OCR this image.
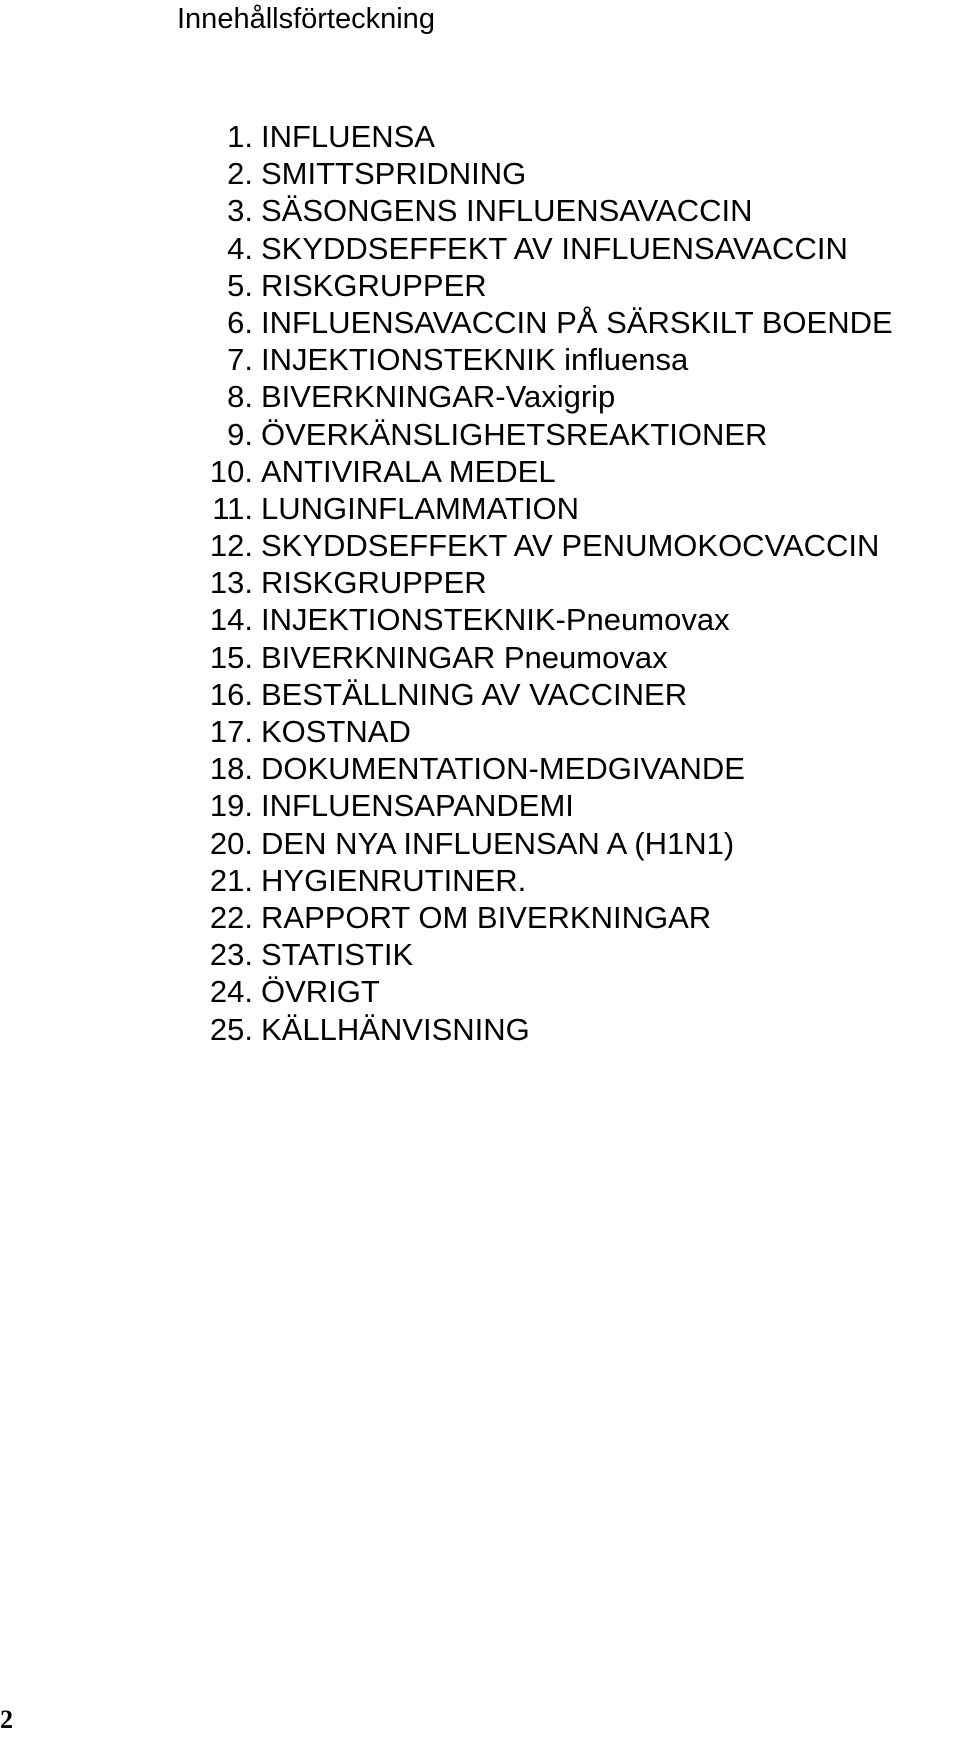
Innehållsförteckning
1. INFLUENSA
2. SMITTSPRIDNING
3. SÄSONGENS INFLUENSAVACCIN
4. SKYDDSEFFEKT AV INFLUENSAVACCIN
5. RISKGRUPPER
6. INFLUENSAVACCIN PÅ SÄRSKILT BOENDE
7. INJEKTIONSTEKNIK influensa
8. BIVERKNINGAR-Vaxigrip
9. ÖVERKÄNSLIGHETSREAKTIONER
10. ANTIVIRALA MEDEL
11. LUNGINFLAMMATION
12. SKYDDSEFFEKT AV PENUMOKOCVACCIN
13. RISKGRUPPER
14. INJEKTIONSTEKNIK-Pneumovax
15. BIVERKNINGAR Pneumovax
16. BESTÄLLNING AV VACCINER
17. KOSTNAD
18. DOKUMENTATION-MEDGIVANDE
19. INFLUENSAPANDEMI
20. DEN NYA INFLUENSAN A (H1N1)
21. HYGIENRUTINER.
22. RAPPORT OM BIVERKNINGAR
23. STATISTIK
24. ÖVRIGT
25. KÄLLHÄNVISNING
2
